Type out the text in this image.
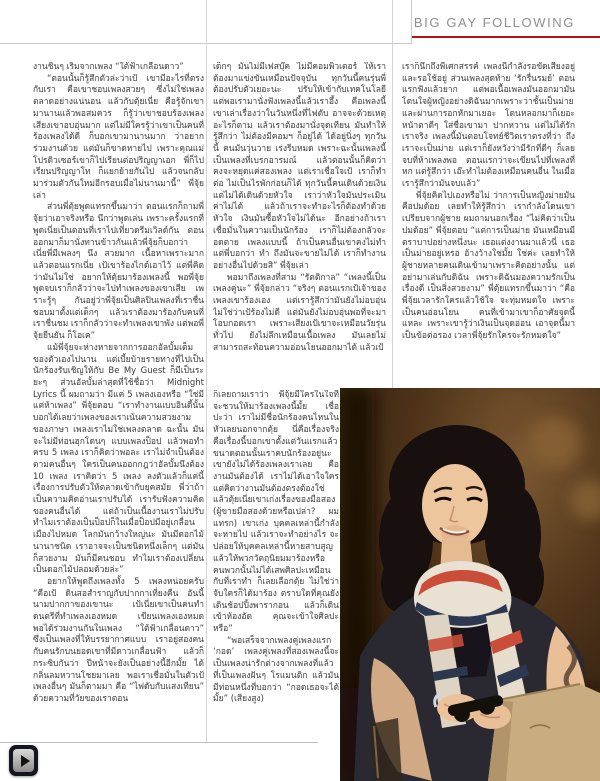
BIG GAY FOLLOWING

งานชิ้นๆ เริ่มจากเพลง “ใต้ฟ้าเกลื่อนดาว”

“ตอนนั้นก็รู้สึกตัวล่ะว่าเป้ เขามีอะไรที่ตรงกับเรา คือเขาชอบเพลงสวยๆ ซึ่งไม่ใช่เพลงตลาดอย่างแน่นอน แล้วกับตุ้ยเนี่ย คือรู้จักเขามานานแล้วพอสมควร ก็รู้ว่าเขาชอบร้องเพลง เสียงเขาอบอุ่นมาก แต่ไม่มีใครรู้ว่าเขาเป็นคนที่ร้องเพลงได้ดี ก็บอกเขามานานมาก ว่าอยากร่วมงานด้วย แต่มันก็ขาดหายไป เพราะคุณแม่โปรดิวเซอร์เขาก็ไปเรียนต่อปริญญาเอก พี่ก็ไปเรียนปริญญาโท ก็แยกย้ายกันไป แล้วจนกลับมาร่วมตัวกันใหม่อีกรอบเมื่อไม่นานมานี้” พี่จุ้ยเล่า

ส่วนพี่ตุ้ยพูดแทรกขึ้นมาว่า ตอนแรกก็ถามพี่จุ้ยว่าเอาจริงหรือ นึกว่าพูดเล่น เพราะครั้งแรกที่พูดเนี่ยเป็นตอนที่เราไปเที่ยวดรีมเวิลด์กัน ตอนออกมาก็มานั่งทานข้าวกันแล้วพี่จุ้ยก็บอกว่า เนี่ยพี่มีเพลงๆ นึง สวยมาก เนื้อหาเพราะมาก แล้วตอนแรกเนี่ย เป้เขาร้องไกด์เอาไว้ แต่พี่คิดว่ามันไม่ใช่ อยากให้ตุ้ยมาร้องเพลงนี้ พอพี่จุ้ยพูดจบเราก็กลัวว่าจะไปทำเพลงของเขาเสีย เพราะรู้ๆ กันอยู่ว่าพี่จุ้ยเป็นศิลปินเพลงที่เราชื่นชอบมาตั้งแต่เด็กๆ แล้วเราต้องมาร้องกับคนที่เราชื่นชม เราก็กลัวว่าจะทำเพลงเขาพัง แต่พอพี่จุ้ยยืนยัน ก็โอเค”

แม้พี่จุ้ยจะห่างหายจากการออกอัลบั้มเต็มของตัวเองไปนาน แต่เบี้ยบ้ายรายทางที่ไปเป็นนักร้องรับเชิญให้กับ Be My Guest ก็มีเป็นระยะๆ ส่วนอัลบั้มล่าสุดที่ใช้ชื่อว่า Midnight Lyrics นี้ ผมถามว่า มีแค่ 5 เพลงเองหรือ “ใช่มีแค่ห้าเพลง” พี่จุ้ยตอบ “เราทำงานแบบอินดี้นั้น บอกได้เลยว่าเพลงของเราเน้นความสวยงามของภาษา เพลงเราไม่ใช่เพลงตลาด ฉะนั้น มันจะไม่มีท่อนฮุกโดนๆ แบบเพลงป็อป แล้วพอทำครบ 5 เพลง เราก็คิดว่าพอละ เราไม่จำเป็นต้องตามคนอื่นๆ ใครเป็นคนออกกฎว่าอัลบั้มนึงต้อง 10 เพลง เราคิดว่า 5 เพลง ลงตัวแล้วก็แค่นี้ เรื่องการปรับตัวให้ตลาดเข้ากับยุคสมัย พี่ว่าถ้าเป็นความคิดอ่านเราปรับได้ เรารับฟังความคิดของคนอื่นได้ แต่ถ้าเป็นเนื้องานเราไม่ปรับ ทำไมเราต้องเป็นป็อปก็ในเมื่อป็อปมีอยู่เกลื่อนเมืองไปหมด โลกมันกว้างใหญ่นะ มันมีดอกไม้นานาชนิด เราอาจจะเป็นชนิดหนึ่งเล็กๆ แต่มันก็สวยงาม มันก็มีคนชอบ ทำไมเราต้องเปลี่ยนเป็นดอกไม้ปลอมด้วยล่ะ”

อยากให้พูดถึงเพลงทั้ง 5 เพลงหน่อยครับ “คือเป้ ดินสอสำราญกับปากกาเที่ยงคืน อันนี้นามปากกาของเขานะ เป้เนี่ยเขาเป็นคนทำดนตรีที่ทำเพลงเองหมด เขียนเพลงเองหมด พอได้ร่วมงานกันในเพลง “ใต้ฟ้าเกลื่อนดาว” ซึ่งเป็นเพลงที่ให้บรรยากาศแบบ เราอยู่สองคนกับคนรักบนยอดเขาที่มีดาวเกลื่อนฟ้า แล้วก็กระซิบกันว่า ปีหน้าจะยังเป็นอย่างนี้อีกมั้ย ได้กลิ่นลมหวานโชยมาเลย พอเราเชื่อมั่นในตัวเป้ เพลงอื่นๆ มันก็ตามมา คือ “ไฟดับกับแสงเทียน” ด้วยความที่วัยของเราตอน

เด็กๆ มันไม่มีเฟสบุ๊ค ไม่มีคอมพิวเตอร์ ให้เราต้องมาแข่งขันเหมือนปัจจุบัน ทุกวันนี้คนรุ่นพี่ต้องปรับตัวเยอะนะ ปรับให้เข้ากับเทคโนโลยี แต่พอเรามานั่งฟังเพลงนี้แล้วเราอึ้ง คือเพลงนี้เขาเล่าเรื่องว่าในวันหนึ่งที่ไฟดับ อาจจะด้วยเหตุอะไรก็ตาม แล้วเราต้องมานั่งจุดเทียน มันทำให้รู้สึกว่า ไม่ต้องมีคอมฯ ก็อยู่ได้ ได้อยู่นิ่งๆ ทุกวันนี้ คนมันวุ่นวาย เร่งรีบหมด เพราะฉะนั้นเพลงนี้เป็นเพลงที่เบรกอารมณ์ แล้วตอนนั้นก็คิดว่าคงจะหยุดแค่สองเพลง แต่เราเชื่อใจเป้ เราก็ทำต่อ ไม่เป็นไรพักก่อนก็ได้ ทุกวันนี้คนเดินด้วยเงิน แต่ไม่ได้เดินด้วยหัวใจ เราว่าหัวใจมันประเมินค่าไม่ได้ แล้วถ้าเราจะทำอะไรก็ต้องทำด้วยหัวใจ เงินมันซื้อหัวใจไม่ได้นะ อีกอย่างถ้าเราเชื่อมั่นในความเป็นนักร้อง เราก็ไม่ต้องกลัวจะอดตาย เพลงแบบนี้ ถ้าเป็นคนอื่นเขาคงไม่ทำ แต่พี่บอกว่า ทำ ถึงมันจะขายไม่ได้ เราก็ทำงานอย่างอื่นไปด้วยสิ” พี่จุ้ยเล่า

พอมาถึงเพลงที่สาม “รัตติกาล” “เพลงนี้เป็นเพลงคู่นะ” พี่จุ้ยกล่าว “จริงๆ ตอนแรกเป้เจ้าของเพลงเขาร้องเอง แต่เรารู้สึกว่ามันยังไม่อบอุ่น ไม่ใช่ว่าเป้ร้องไม่ดี แต่มันยังไม่อบอุ่นพอที่จะมาโอบกอดเรา เพราะเสียงเป้เขาจะเหมือนวัยรุ่นทั่วไป ยังไม่ลึกเหมือนเนื้อเพลง มันเลยไม่สามารถสะท้อนความอ่อนโยนออกมาได้ แล้วเป้

ก็เลยถามเราว่า พี่จุ้ยมีใครในใจที่จะชวนให้มาร้องเพลงนี้มั้ย เชื่อปะว่า เราไม่มีชื่อนักร้องคนไหนในหัวเลยนอกจากตุ้ย นี่คือเรื่องจริง คือเรื่องนี้บอกเขาตั้งแต่วันแรกแล้ว ขนาดตอนนั้นเราคบนักร้องอยู่นะ เขายังไม่ได้ร้องเพลงเราเลย คืองานมันต้องได้ เราไม่ได้เอาใจใคร แต่คิดว่างานมันต้องตรงต้องใช่ แล้วตุ้ยเนี่ยเขาเก่งเรื่องของมือสอง (ผู้ขายมือสองด้วยหรือเปล่า? ผมแทรก) เขาเก่ง บุคคลเหล่านี้กำลังจะหายไป แล้วเราจะทำอย่างไร จะปล่อยให้บุคคลเหล่านี้หายสาบสูญแล้วให้พวกวัตถุนิยมมาร้องหรือ คนพวกนั้นไม่ได้เสพศิลปะเหมือนกับที่เราทำ ก็เลยเลือกตุ้ย ไม่ใช่ว่าจับใครก็ได้มาร้อง ตราบใดที่คุณยังเดินช้อปปิ้งพารากอน แล้วก็เดินเข้าห้องอัด คุณจะเข้าใจศิลปะหรือ”

“พอเสร็จจากเพลงคู่เพลงแรก ‘กอด’ เพลงคู่เพลงที่สองเพลงนี้จะเป็นเพลงน่ารักต่างจากเพลงที่แล้วที่เป็นเพลงฝันๆ โรแมนติก แล้วมันมีท่อนหนึ่งที่บอกว่า “กอดเธอจะได้มั้ย” (เสียงสูง)

เราก็นึกถึงพี่เศกสรรค์ เพลงนี้กำลังรอขัดเสียงอยู่และรอใช้อยู่ ส่วนเพลงสุดท้าย ‘รักรื่นรมย์’ ตอนแรกฟังแล้วยาก แต่พอเนื้อเพลงมันออกมามันโดนใจผู้หญิงอย่างดิฉันมากเพราะว่าชั้นเป็นม่ายและผ่านการอกหักมาเยอะ โดนหลอกมาก็เยอะ หน้าตาดีๆ ใส่ชื่อเขามา ปากหวาน แต่ไม่ได้รักเราจริง เพลงนี้มันตอบโจทย์ชีวิตเราตรงที่ว่า ถึงเราจะเป็นม่าย แต่เราก็ยังหวังว่ามีรักที่ดีๆ ก็เลยจบที่ห้าเพลงพอ ตอนแรกว่าจะเขียนไปที่เพลงที่หก แต่รู้สึกว่า เอ๊ะทำไมต้องเหมือนคนอื่น ในเมื่อเรารู้สึกว่ามันจบแล้ว”

พี่จุ้ยคิดไปเองหรือไม่ ว่าการเป็นหญิงม่ายมันคือปมด้อย เลยทำให้รู้สึกว่า เรากำลังโดนเขาเปรียบจากผู้ชาย ผมถามนอกเรื่อง “ไม่คิดว่าเป็นปมด้อย” พี่จุ้ยตอบ “แต่การเป็นม่าย มันเหมือนมีตราบาปอย่างหนึ่งนะ เธอแต่งงานมาแล้วนี่ เธอเป็นม่ายอยู่เหรอ อ้างว้างใช่มั้ย ใช่ค่ะ เลยทำให้ผู้ชายหลายคนเดินเข้ามาเพราะคิดอย่างนั้น แต่อย่ามาเล่นกับดิฉัน เพราะดิฉันมองความรักเป็นเรื่องดี เป็นสิ่งสวยงาม” พี่ตุ้ยแทรกขึ้นมาว่า “คือพี่จุ้ยเวลารักใครแล้วใช้ใจ จะทุ่มหมดใจ เพราะเป็นคนอ่อนโยน คนที่เข้ามาเขาก็อาศัยจุดนี้แหละ เพราะเขารู้ว่าเงินเป็นจุดอ่อน เอาจุดนี้มาเป็นข้อต่อรอง เวลาพี่จุ้ยรักใครจะรักหมดใจ”
